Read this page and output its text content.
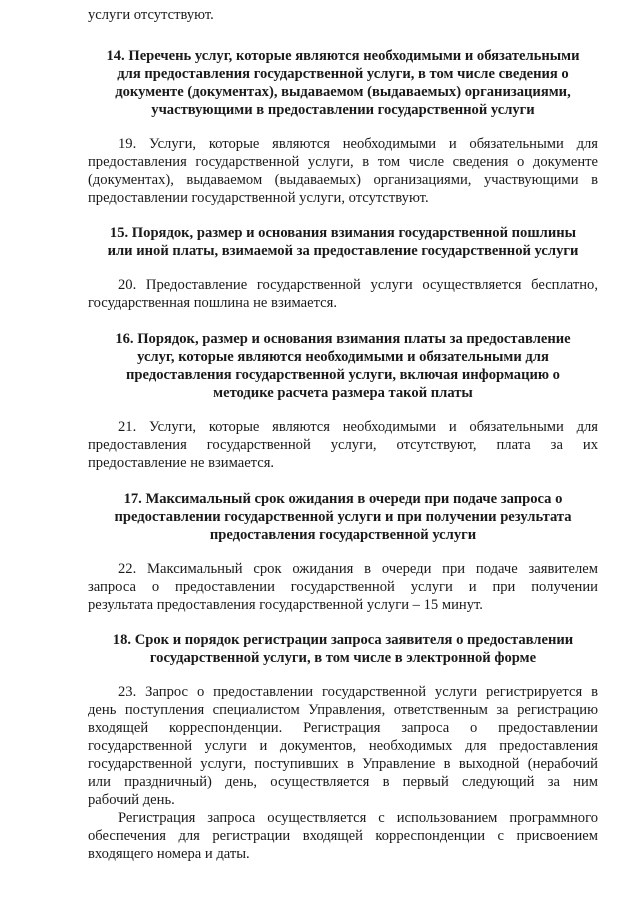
услуги отсутствуют.
14. Перечень услуг, которые являются необходимыми и обязательными
для предоставления государственной услуги, в том числе сведения о
документе (документах), выдаваемом (выдаваемых) организациями,
участвующими в предоставлении государственной услуги
19. Услуги, которые являются необходимыми и обязательными для
предоставления государственной услуги, в том числе сведения о документе
(документах), выдаваемом (выдаваемых) организациями, участвующими в
предоставлении государственной услуги, отсутствуют.
15. Порядок, размер и основания взимания государственной пошлины
или иной платы, взимаемой за предоставление государственной услуги
20. Предоставление государственной услуги осуществляется бесплатно,
государственная пошлина не взимается.
16. Порядок, размер и основания взимания платы за предоставление
услуг, которые являются необходимыми и обязательными для
предоставления государственной услуги, включая информацию о
методике расчета размера такой платы
21. Услуги, которые являются необходимыми и обязательными для
предоставления государственной услуги, отсутствуют, плата за их
предоставление не взимается.
17. Максимальный срок ожидания в очереди при подаче запроса о
предоставлении государственной услуги и при получении результата
предоставления государственной услуги
22. Максимальный срок ожидания в очереди при подаче заявителем
запроса о предоставлении государственной услуги и при получении
результата предоставления государственной услуги – 15 минут.
18. Срок и порядок регистрации запроса заявителя о предоставлении
государственной услуги, в том числе в электронной форме
23. Запрос о предоставлении государственной услуги регистрируется в
день поступления специалистом Управления, ответственным за регистрацию
входящей корреспонденции. Регистрация запроса о предоставлении
государственной услуги и документов, необходимых для предоставления
государственной услуги, поступивших в Управление в выходной (нерабочий
или праздничный) день, осуществляется в первый следующий за ним
рабочий день.
Регистрация запроса осуществляется с использованием программного
обеспечения для регистрации входящей корреспонденции с присвоением
входящего номера и даты.
